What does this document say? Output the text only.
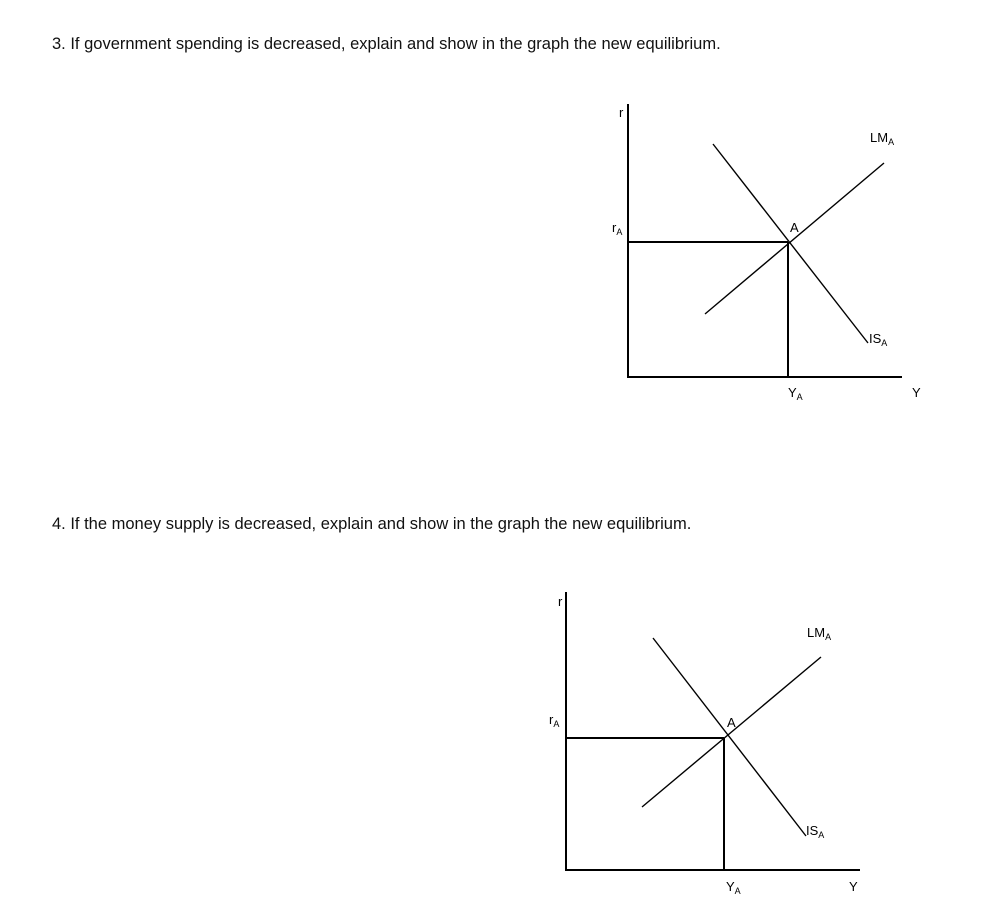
3. If government spending is decreased, explain and show in the graph the new equilibrium.

r
$r_A$	A
$LM_A$
$IS_A$
$Y_A$	Y

4. If the money supply is decreased, explain and show in the graph the new equilibrium.

r
$r_A$	A
$LM_A$
$IS_A$
$Y_A$	Y
